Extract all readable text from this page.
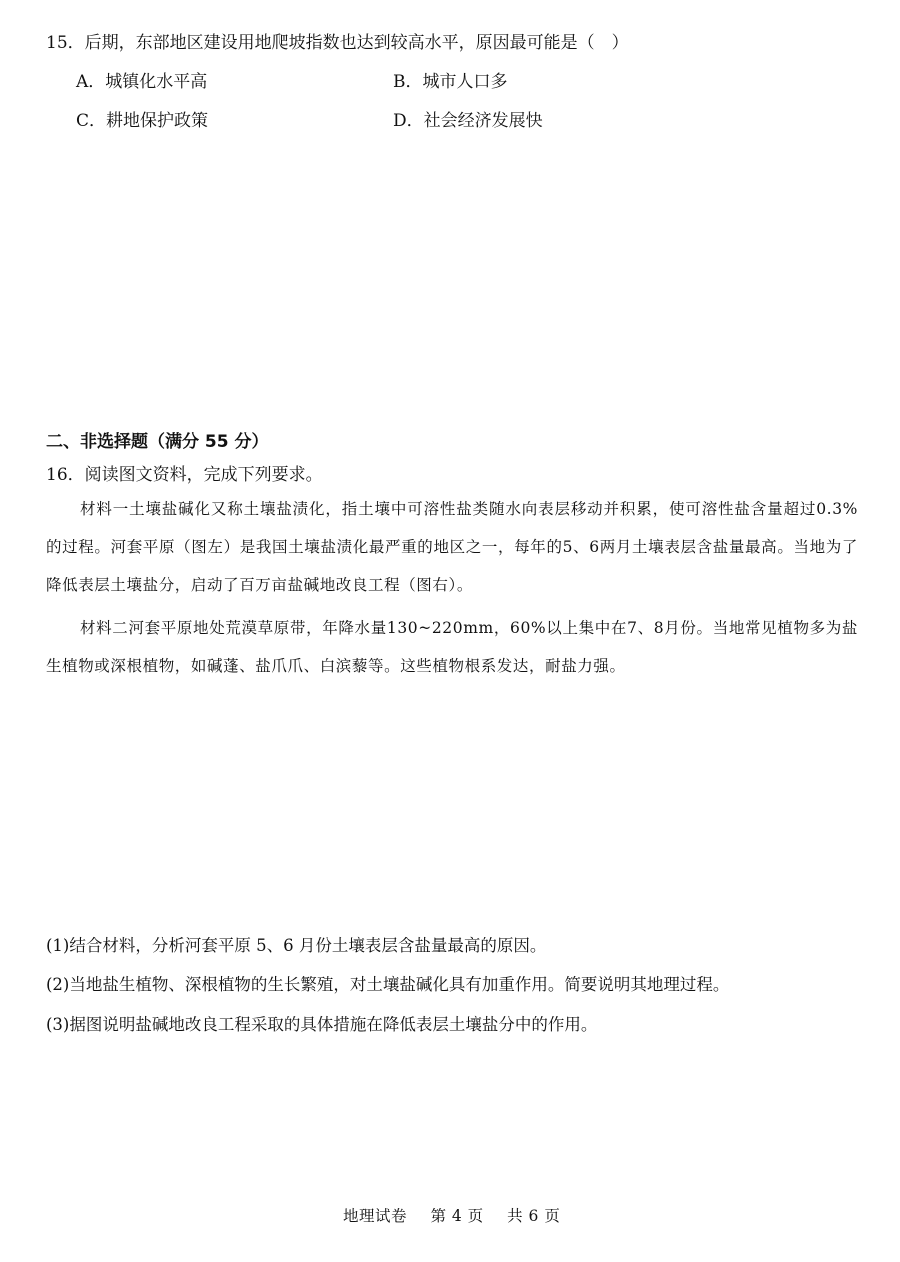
15．后期，东部地区建设用地爬坡指数也达到较高水平，原因最可能是（　）
A．城镇化水平高	B．城市人口多
C．耕地保护政策	D．社会经济发展快
二、非选择题（满分 55 分）
16．阅读图文资料，完成下列要求。
材料一土壤盐碱化又称土壤盐渍化，指土壤中可溶性盐类随水向表层移动并积累，使可溶性盐含量超过0.3%的过程。河套平原（图左）是我国土壤盐渍化最严重的地区之一，每年的5、6两月土壤表层含盐量最高。当地为了降低表层土壤盐分，启动了百万亩盐碱地改良工程（图右）。
材料二河套平原地处荒漠草原带，年降水量130~220mm，60%以上集中在7、8月份。当地常见植物多为盐生植物或深根植物，如碱蓬、盐爪爪、白滨藜等。这些植物根系发达，耐盐力强。
(1)结合材料，分析河套平原 5、6 月份土壤表层含盐量最高的原因。
(2)当地盐生植物、深根植物的生长繁殖，对土壤盐碱化具有加重作用。简要说明其地理过程。
(3)据图说明盐碱地改良工程采取的具体措施在降低表层土壤盐分中的作用。
地理试卷 第 4 页 共 6 页
